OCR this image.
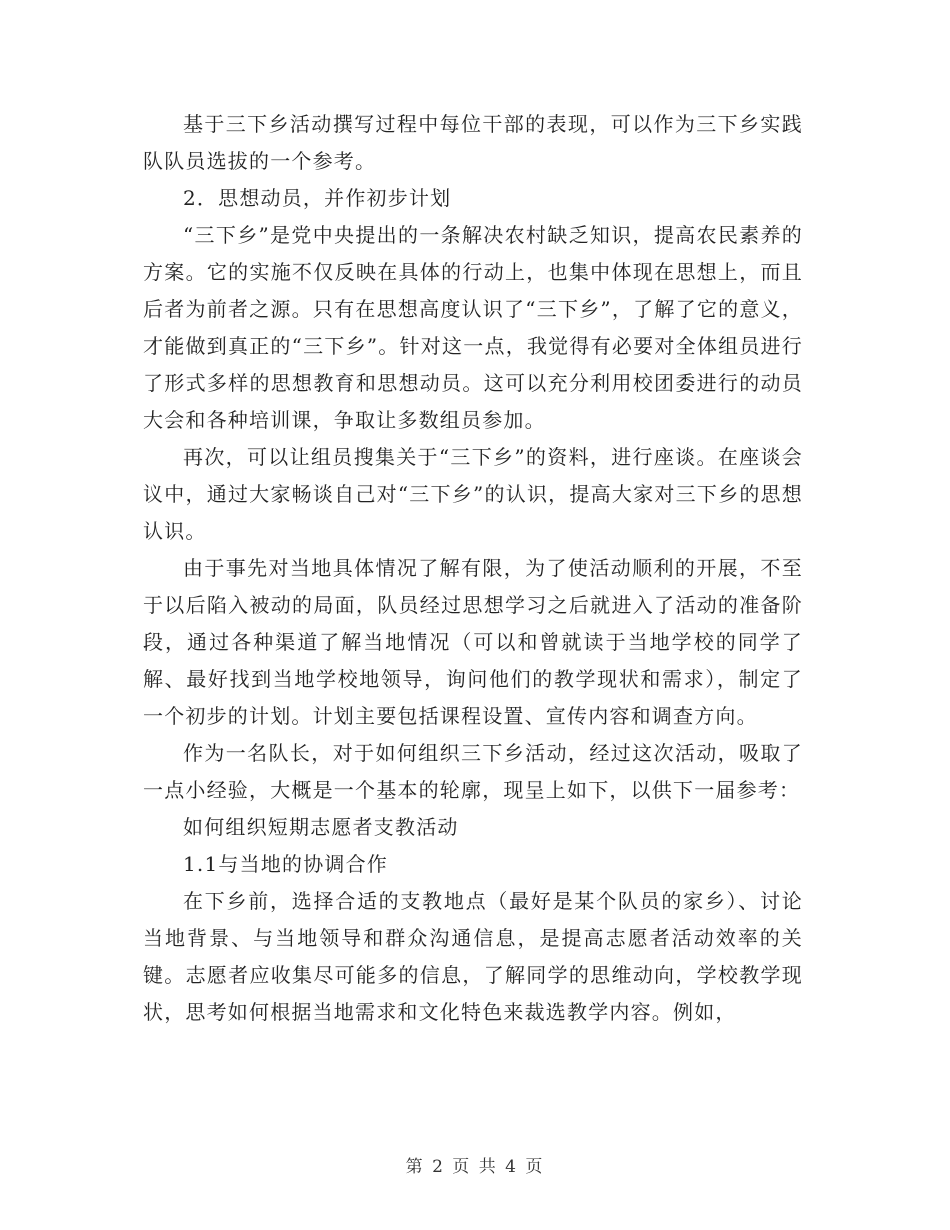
基于三下乡活动撰写过程中每位干部的表现，可以作为三下乡实践队队员选拔的一个参考。

2．思想动员，并作初步计划

“三下乡”是党中央提出的一条解决农村缺乏知识，提高农民素养的方案。它的实施不仅反映在具体的行动上，也集中体现在思想上，而且后者为前者之源。只有在思想高度认识了“三下乡”，了解了它的意义，才能做到真正的“三下乡”。针对这一点，我觉得有必要对全体组员进行了形式多样的思想教育和思想动员。这可以充分利用校团委进行的动员大会和各种培训课，争取让多数组员参加。

再次，可以让组员搜集关于“三下乡”的资料，进行座谈。在座谈会议中，通过大家畅谈自己对“三下乡”的认识，提高大家对三下乡的思想认识。

由于事先对当地具体情况了解有限，为了使活动顺利的开展，不至于以后陷入被动的局面，队员经过思想学习之后就进入了活动的准备阶段，通过各种渠道了解当地情况（可以和曾就读于当地学校的同学了解、最好找到当地学校地领导，询问他们的教学现状和需求），制定了一个初步的计划。计划主要包括课程设置、宣传内容和调查方向。

作为一名队长，对于如何组织三下乡活动，经过这次活动，吸取了一点小经验，大概是一个基本的轮廓，现呈上如下，以供下一届参考：

如何组织短期志愿者支教活动

1.1与当地的协调合作

在下乡前，选择合适的支教地点（最好是某个队员的家乡）、讨论当地背景、与当地领导和群众沟通信息，是提高志愿者活动效率的关键。志愿者应收集尽可能多的信息，了解同学的思维动向，学校教学现状，思考如何根据当地需求和文化特色来裁选教学内容。例如，

第 2 页 共 4 页
